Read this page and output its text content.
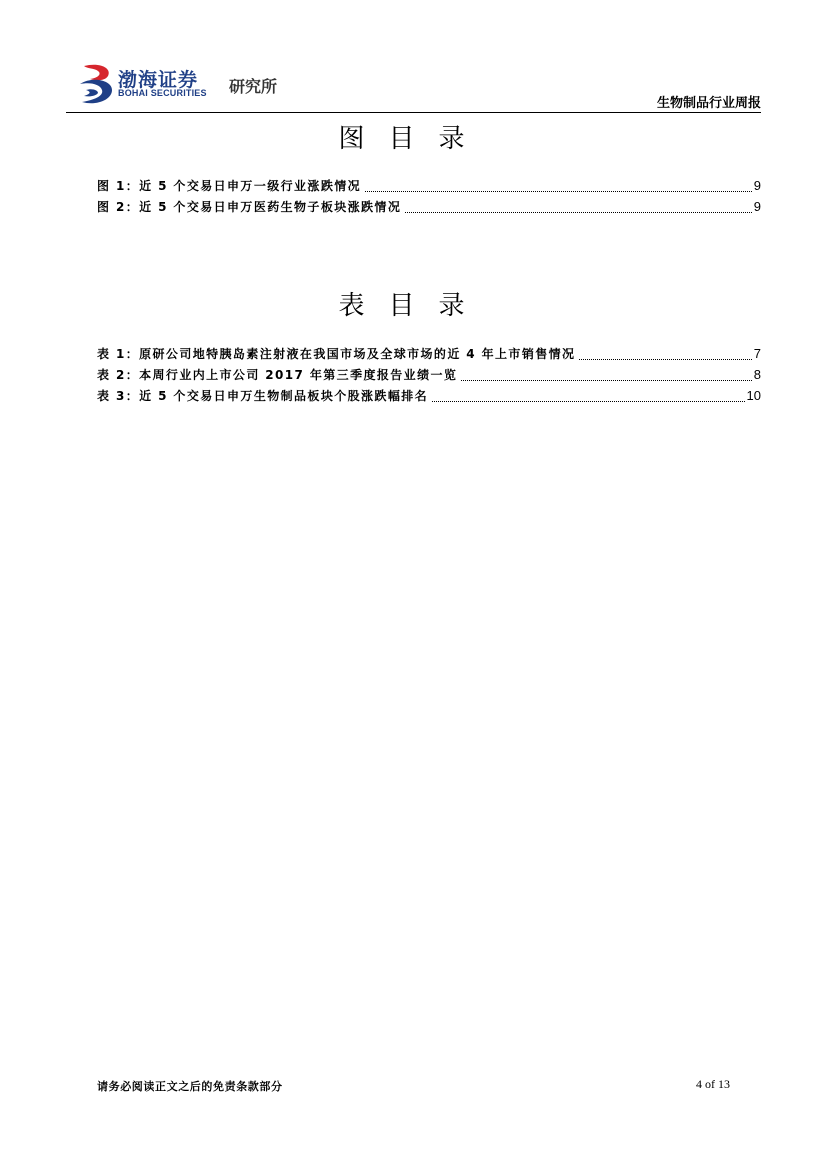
渤海证券
BOHAI SECURITIES 研究所
生物制品行业周报
图目录
图 1：近 5 个交易日申万一级行业涨跌情况	9
图 2：近 5 个交易日申万医药生物子板块涨跌情况	9
表目录
表 1：原研公司地特胰岛素注射液在我国市场及全球市场的近 4 年上市销售情况	7
表 2：本周行业内上市公司 2017 年第三季度报告业绩一览	8
表 3：近 5 个交易日申万生物制品板块个股涨跌幅排名	10
请务必阅读正文之后的免责条款部分	4 of 13
